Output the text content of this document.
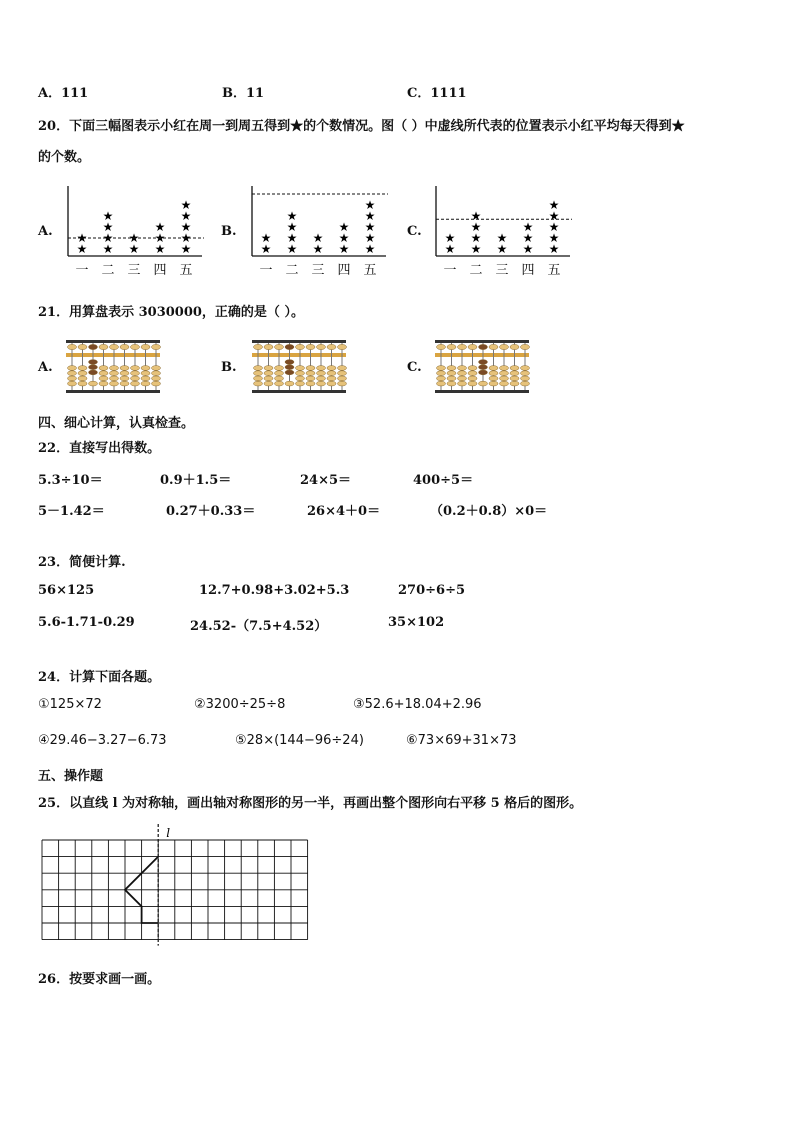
A．111	B．11	C．1111
20．下面三幅图表示小红在周一到周五得到★的个数情况。图（ ）中虚线所代表的位置表示小红平均每天得到★
的个数。
A.	B.	C.
★
★
一
★
★
★
★
二
★
★
三
★
★
★
四
★
★
★
★
★
五
★
★
一
★
★
★
★
二
★
★
三
★
★
★
四
★
★
★
★
★
五
★
★
一
★
★
★
★
二
★
★
三
★
★
★
四
★
★
★
★
★
五
21．用算盘表示 3030000，正确的是（ ）。
A.	B.	C.
四、细心计算，认真检查。
22．直接写出得数。
5.3÷10＝	0.9＋1.5＝	24×5＝	400÷5＝
5－1.42＝	0.27＋0.33＝	26×4＋0＝	（0.2＋0.8）×0＝
23．简便计算.
56×125	12.7+0.98+3.02+5.3	270÷6÷5
5.6-1.71-0.29	24.52-（7.5+4.52）	35×102
24．计算下面各题。
①125×72	②3200÷25÷8	③52.6+18.04+2.96
④29.46−3.27−6.73	⑤28×(144−96÷24)	⑥73×69+31×73
五、操作题
25．以直线 l 为对称轴，画出轴对称图形的另一半，再画出整个图形向右平移 5 格后的图形。
l
26．按要求画一画。
